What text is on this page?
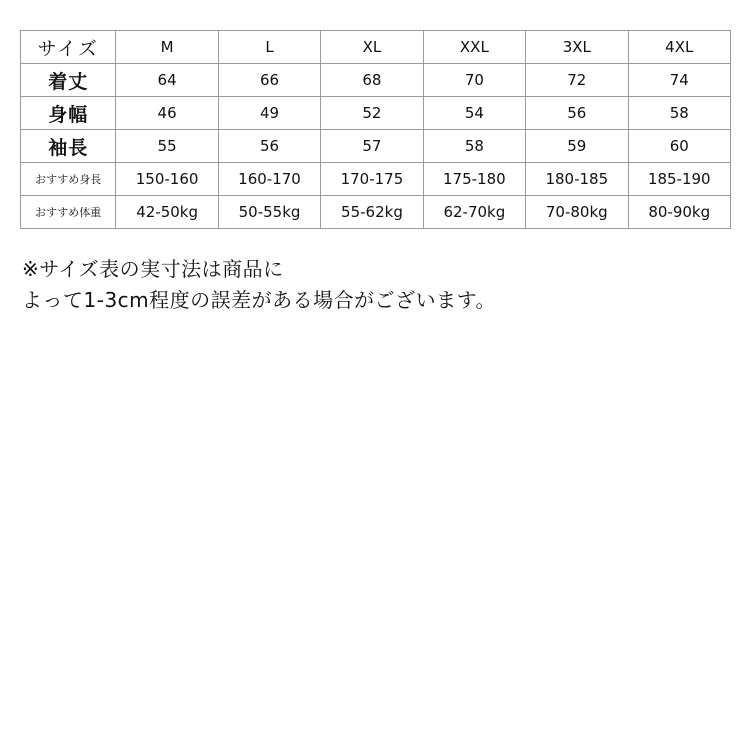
サイズ	M	L	XL	XXL	3XL	4XL
着丈	64	66	68	70	72	74
身幅	46	49	52	54	56	58
袖長	55	56	57	58	59	60
おすすめ身長	150-160	160-170	170-175	175-180	180-185	185-190
おすすめ体重	42-50kg	50-55kg	55-62kg	62-70kg	70-80kg	80-90kg
※サイズ表の実寸法は商品に
よって1-3cm程度の誤差がある場合がございます。
